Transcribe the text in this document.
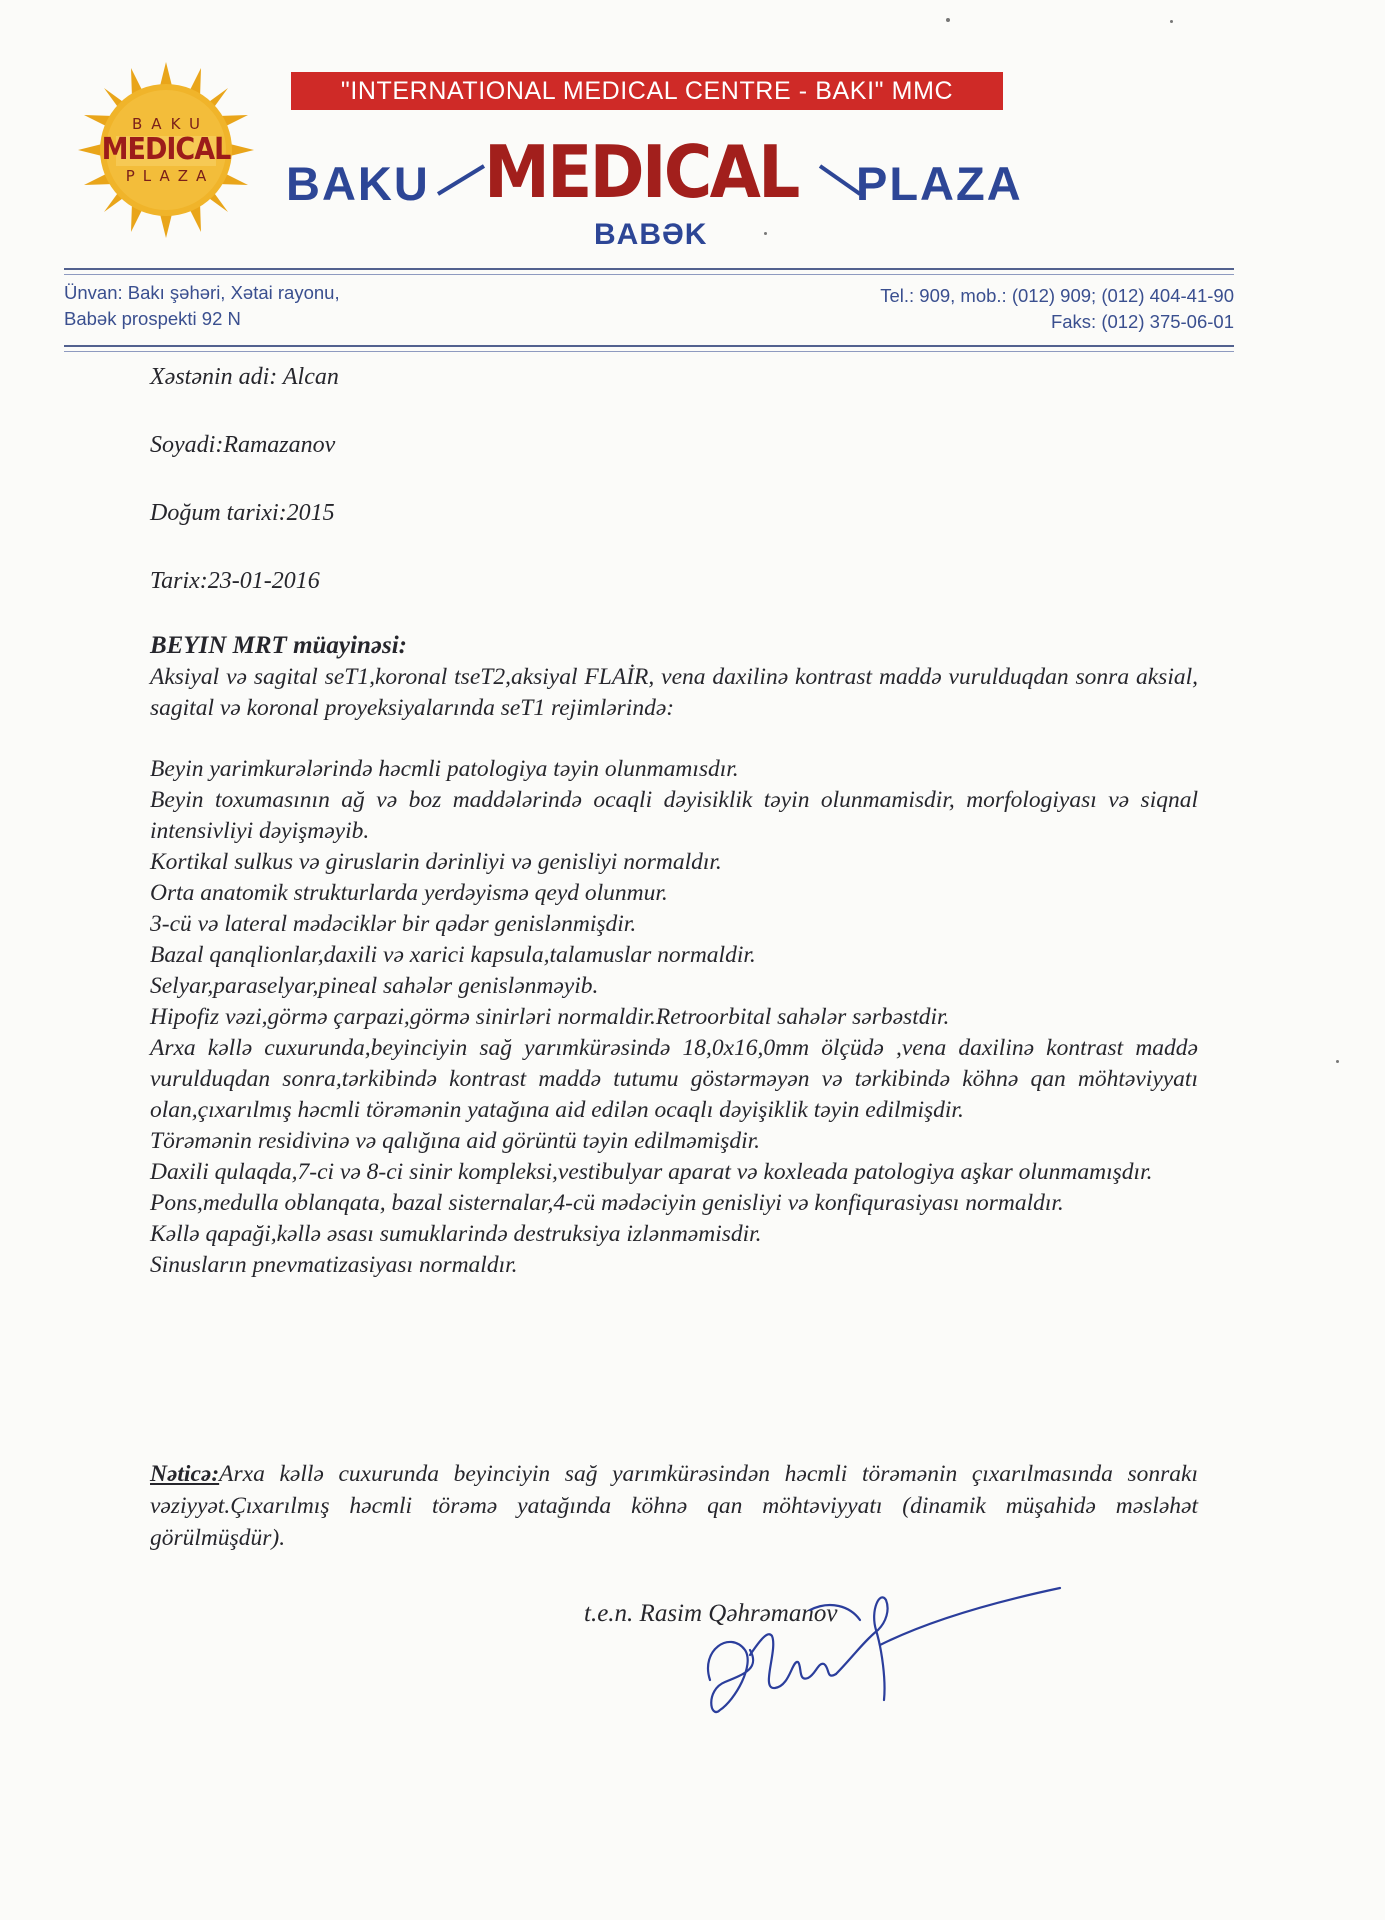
BAKU
MEDICAL
PLAZA
"INTERNATIONAL MEDICAL CENTRE - BAKI" MMC
BAKU MEDICAL PLAZA
BABƏK
Ünvan: Bakı şəhəri, Xətai rayonu,
Babək prospekti 92 N
Tel.: 909, mob.: (012) 909; (012) 404-41-90
Faks: (012) 375-06-01
Xəstənin adi: Alcan
Soyadi:Ramazanov
Doğum tarixi:2015
Tarix:23-01-2016
BEYIN MRT müayinəsi:

Aksiyal və sagital seT1,koronal tseT2,aksiyal FLAİR, vena daxilinə kontrast maddə vurulduqdan sonra aksial, sagital və koronal proyeksiyalarında seT1 rejimlərində:

Beyin yarimkurələrində həcmli patologiya təyin olunmamısdır.

Beyin toxumasının ağ və boz maddələrində ocaqli dəyisiklik təyin olunmamisdir, morfologiyası və siqnal intensivliyi dəyişməyib.

Kortikal sulkus və giruslarin dərinliyi və genisliyi normaldır.

Orta anatomik strukturlarda yerdəyismə qeyd olunmur.

3-cü və lateral mədəciklər bir qədər genislənmişdir.

Bazal qanqlionlar,daxili və xarici kapsula,talamuslar normaldir.

Selyar,paraselyar,pineal sahələr genislənməyib.

Hipofiz vəzi,görmə çarpazi,görmə sinirləri normaldir.Retroorbital sahələr sərbəstdir.

Arxa kəllə cuxurunda,beyinciyin sağ yarımkürəsində 18,0x16,0mm ölçüdə ,vena daxilinə kontrast maddə vurulduqdan sonra,tərkibində kontrast maddə tutumu göstərməyən və tərkibində köhnə qan möhtəviyyatı olan,çıxarılmış həcmli törəmənin yatağına aid edilən ocaqlı dəyişiklik təyin edilmişdir.

Törəmənin residivinə və qalığına aid görüntü təyin edilməmişdir.

Daxili qulaqda,7-ci və 8-ci sinir kompleksi,vestibulyar aparat və koxleada patologiya aşkar olunmamışdır.

Pons,medulla oblanqata, bazal sisternalar,4-cü mədəciyin genisliyi və konfiqurasiyası normaldır.

Kəllə qapaği,kəllə əsası sumuklarində destruksiya izlənməmisdir.

Sinusların pnevmatizasiyası normaldır.

Nəticə:Arxa kəllə cuxurunda beyinciyin sağ yarımkürəsindən həcmli törəmənin çıxarılmasında sonrakı vəziyyət.Çıxarılmış həcmli törəmə yatağında köhnə qan möhtəviyyatı (dinamik müşahidə məsləhət görülmüşdür).

t.e.n. Rasim Qəhrəmanov
